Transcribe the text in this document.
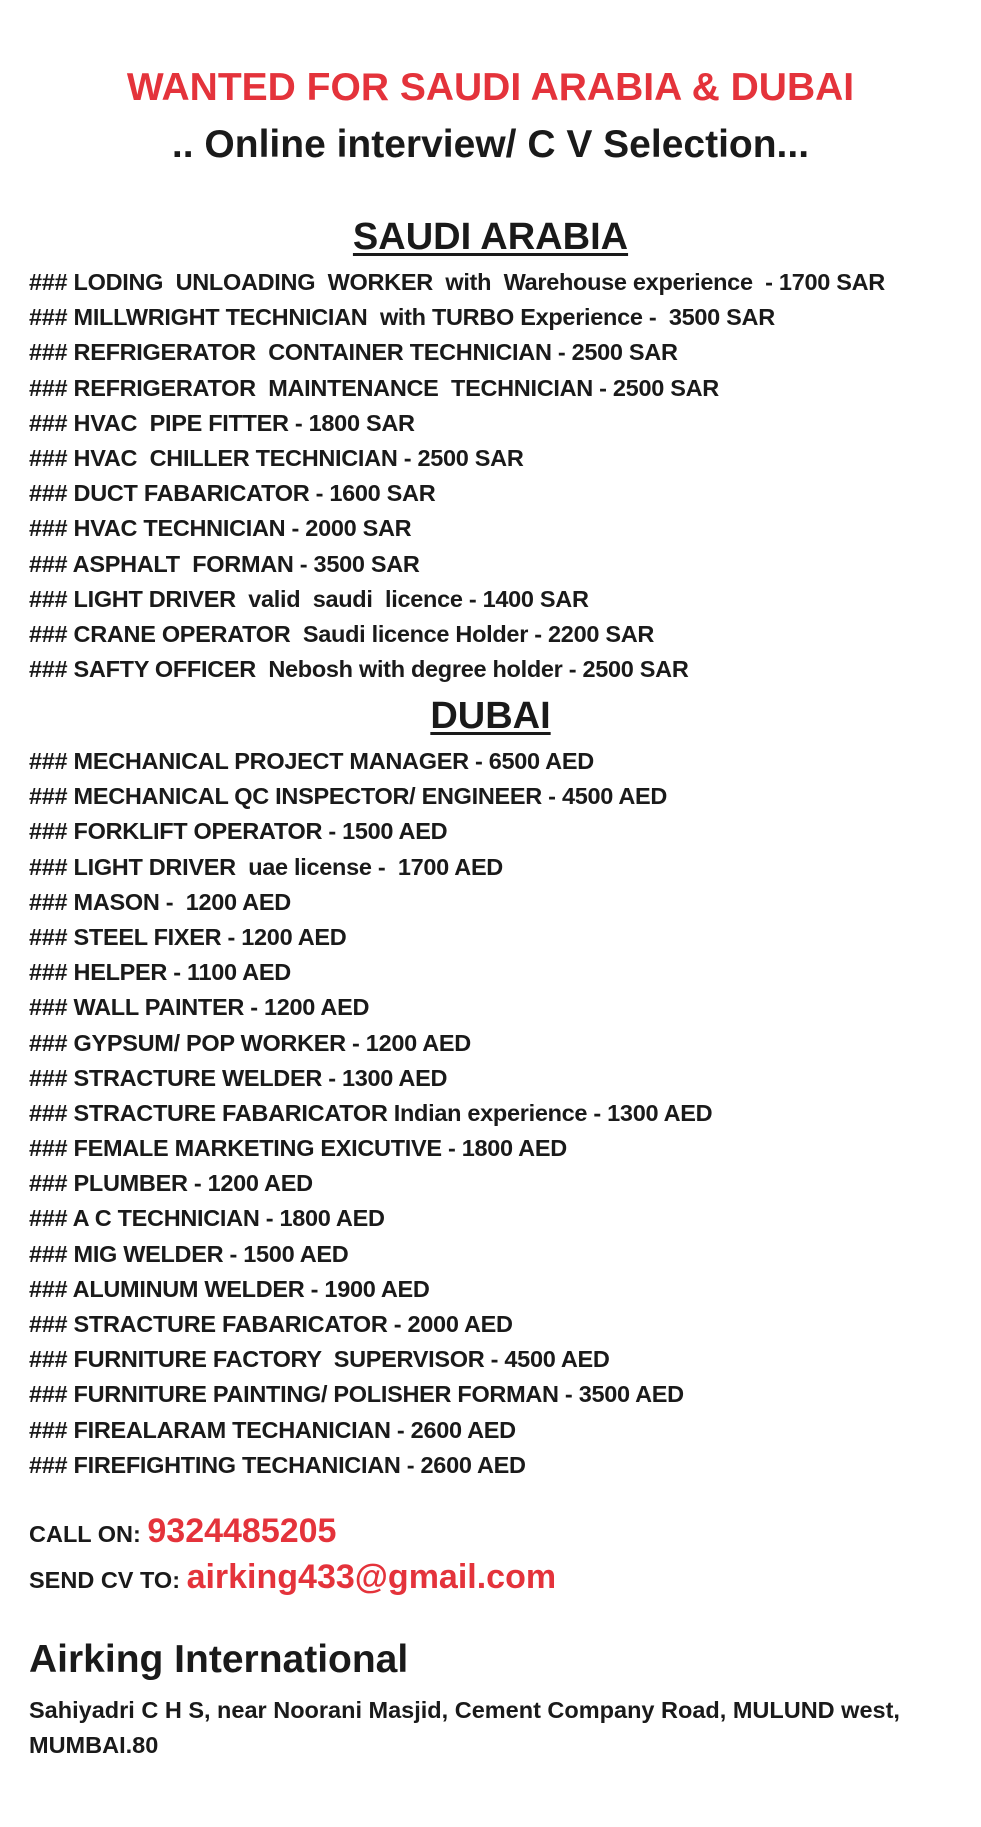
WANTED FOR SAUDI ARABIA & DUBAI
.. Online interview/ C V Selection...
SAUDI ARABIA
### LODING  UNLOADING  WORKER  with  Warehouse experience  - 1700 SAR
### MILLWRIGHT TECHNICIAN  with TURBO Experience -  3500 SAR
### REFRIGERATOR  CONTAINER TECHNICIAN - 2500 SAR
### REFRIGERATOR  MAINTENANCE  TECHNICIAN - 2500 SAR
### HVAC  PIPE FITTER - 1800 SAR
### HVAC  CHILLER TECHNICIAN - 2500 SAR
### DUCT FABARICATOR - 1600 SAR
### HVAC TECHNICIAN - 2000 SAR
### ASPHALT  FORMAN - 3500 SAR
### LIGHT DRIVER  valid  saudi  licence - 1400 SAR
### CRANE OPERATOR  Saudi licence Holder - 2200 SAR
### SAFTY OFFICER  Nebosh with degree holder - 2500 SAR
DUBAI
### MECHANICAL PROJECT MANAGER - 6500 AED
### MECHANICAL QC INSPECTOR/ ENGINEER - 4500 AED
### FORKLIFT OPERATOR - 1500 AED
### LIGHT DRIVER  uae license -  1700 AED
### MASON -  1200 AED
### STEEL FIXER - 1200 AED
### HELPER - 1100 AED
### WALL PAINTER - 1200 AED
### GYPSUM/ POP WORKER - 1200 AED
### STRACTURE WELDER - 1300 AED
### STRACTURE FABARICATOR Indian experience - 1300 AED
### FEMALE MARKETING EXICUTIVE - 1800 AED
### PLUMBER - 1200 AED
### A C TECHNICIAN - 1800 AED
### MIG WELDER - 1500 AED
### ALUMINUM WELDER - 1900 AED
### STRACTURE FABARICATOR - 2000 AED
### FURNITURE FACTORY  SUPERVISOR - 4500 AED
### FURNITURE PAINTING/ POLISHER FORMAN - 3500 AED
### FIREALARAM TECHANICIAN - 2600 AED
### FIREFIGHTING TECHANICIAN - 2600 AED
CALL ON: 9324485205
SEND CV TO: airking433@gmail.com
Airking International

Sahiyadri C H S, near Noorani Masjid, Cement Company Road, MULUND west,
MUMBAI.80
